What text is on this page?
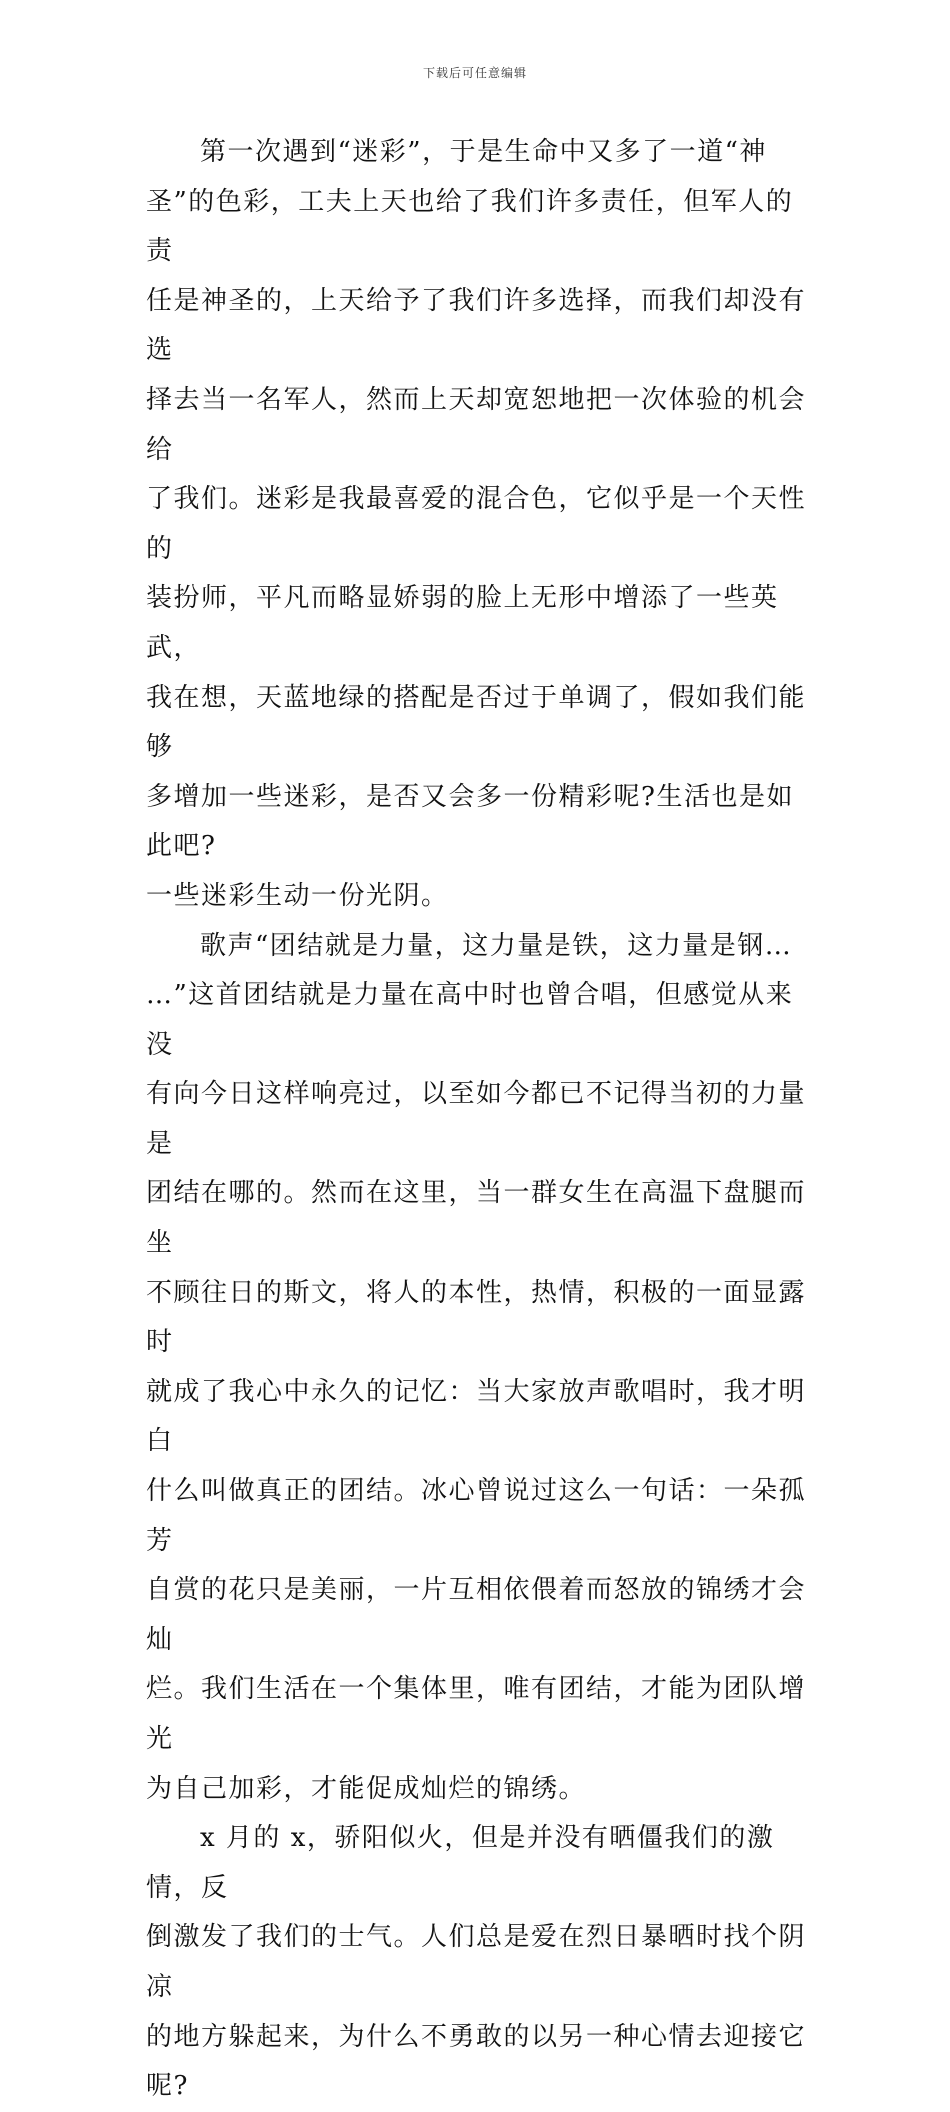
下载后可任意编辑

第一次遇到“迷彩”，于是生命中又多了一道“神
圣”的色彩，工夫上天也给了我们许多责任，但军人的责
任是神圣的，上天给予了我们许多选择，而我们却没有选
择去当一名军人，然而上天却宽恕地把一次体验的机会给
了我们。迷彩是我最喜爱的混合色，它似乎是一个天性的
装扮师，平凡而略显娇弱的脸上无形中增添了一些英武，
我在想，天蓝地绿的搭配是否过于单调了，假如我们能够
多增加一些迷彩，是否又会多一份精彩呢?生活也是如此吧?
一些迷彩生动一份光阴。

歌声“团结就是力量，这力量是铁，这力量是钢…
…”这首团结就是力量在高中时也曾合唱，但感觉从来没
有向今日这样响亮过，以至如今都已不记得当初的力量是
团结在哪的。然而在这里，当一群女生在高温下盘腿而坐
不顾往日的斯文，将人的本性，热情，积极的一面显露时
就成了我心中永久的记忆：当大家放声歌唱时，我才明白
什么叫做真正的团结。冰心曾说过这么一句话：一朵孤芳
自赏的花只是美丽，一片互相依偎着而怒放的锦绣才会灿
烂。我们生活在一个集体里，唯有团结，才能为团队增光
为自己加彩，才能促成灿烂的锦绣。

x 月的 x，骄阳似火，但是并没有晒僵我们的激情，反
倒激发了我们的士气。人们总是爱在烈日暴晒时找个阴凉
的地方躲起来，为什么不勇敢的以另一种心情去迎接它呢?
